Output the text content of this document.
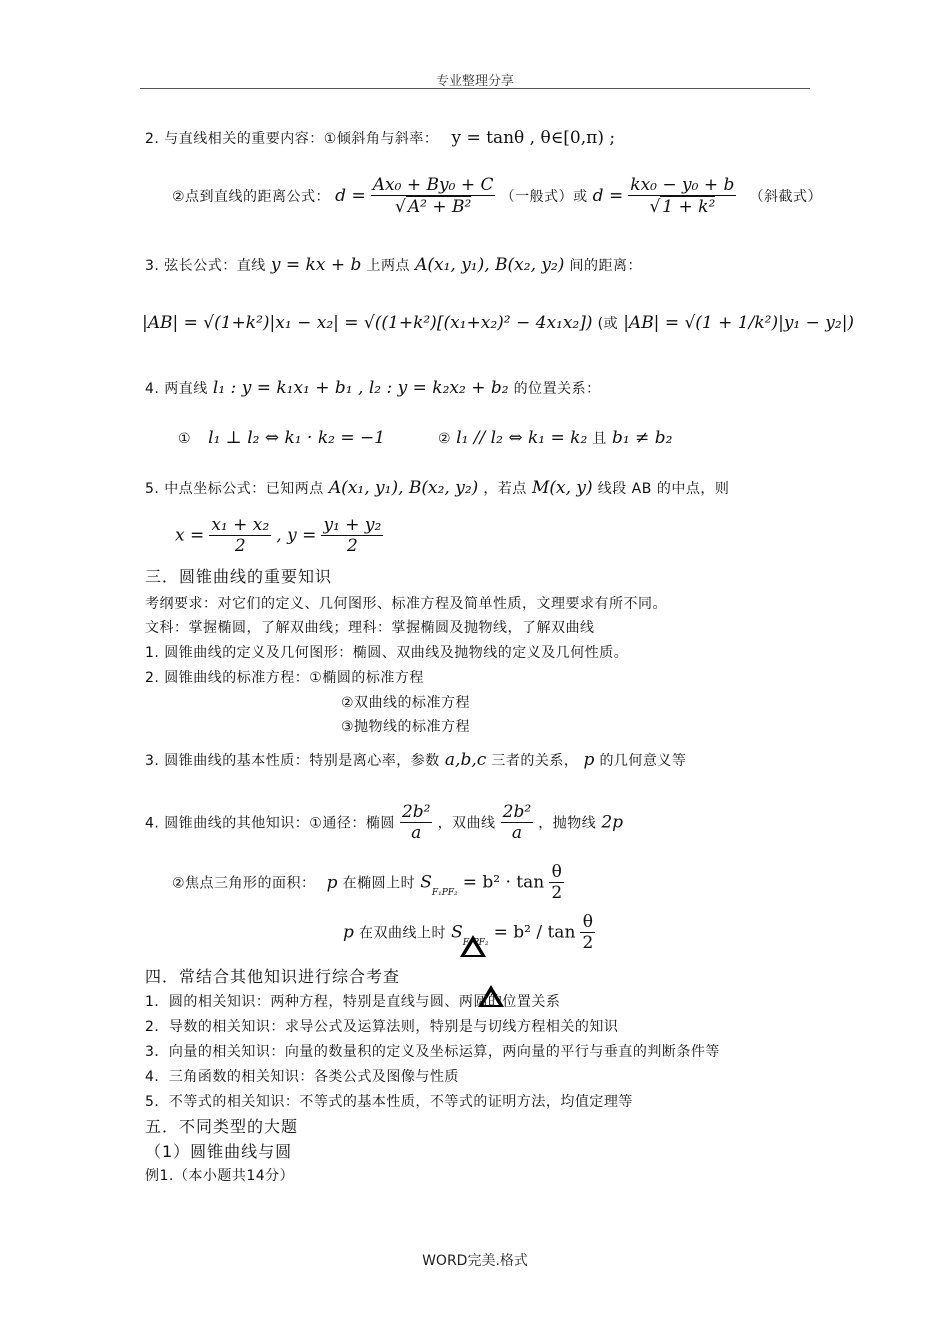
专业整理分享
2. 与直线相关的重要内容：①倾斜角与斜率： y = tanθ , θ∈[0,π) ;
②点到直线的距离公式： $d = \frac{\text{Ax₀ + By₀ + C}}{\text{√ A² + B²}}$ （一般式）或 $d = \frac{\text{kx₀ − y₀ + b}}{\text{√ 1 + k²}}$ （斜截式）
3. 弦长公式：直线 y = kx + b 上两点 A(x₁, y₁), B(x₂, y₂) 间的距离：
|AB| = √(1+k²)|x₁ − x₂| = √((1+k²)[(x₁+x₂)² − 4x₁x₂]) (或 |AB| = √(1 + 1/k²)|y₁ − y₂|)
4. 两直线 l₁ : y = k₁x₁ + b₁ , l₂ : y = k₂x₂ + b₂ 的位置关系：
① l₁ ⊥ l₂ ⇔ k₁ · k₂ = −1	② l₁ // l₂ ⇔ k₁ = k₂ 且 b₁ ≠ b₂
5. 中点坐标公式：已知两点 A(x₁, y₁), B(x₂, y₂) ，若点 M(x, y) 线段 AB 的中点，则
$x = \frac{\text{x₁ + x₂}}{2}$ , $y = \frac{\text{y₁ + y₂}}{2}$
三．圆锥曲线的重要知识
考纲要求：对它们的定义、几何图形、标准方程及简单性质，文理要求有所不同。
文科：掌握椭圆，了解双曲线；理科：掌握椭圆及抛物线，了解双曲线
1. 圆锥曲线的定义及几何图形：椭圆、双曲线及抛物线的定义及几何性质。
2. 圆锥曲线的标准方程：①椭圆的标准方程
②双曲线的标准方程
③抛物线的标准方程
3. 圆锥曲线的基本性质：特别是离心率，参数 a,b,c 三者的关系， p 的几何意义等
4. 圆锥曲线的其他知识：①通径：椭圆 $\frac{\text{2b²}}{a}$ ，双曲线 $\frac{\text{2b²}}{a}$ ，抛物线 2p
②焦点三角形的面积： p 在椭圆上时 $S_{F_1PF_2} = b^2 \cdot \tan \frac{\theta}{2}$
p 在双曲线上时 $S_{F_1PF_2} = b^2 / \tan \frac{\theta}{2}$
四．常结合其他知识进行综合考查
1．圆的相关知识：两种方程，特别是直线与圆、两圆的位置关系
2．导数的相关知识：求导公式及运算法则，特别是与切线方程相关的知识
3．向量的相关知识：向量的数量积的定义及坐标运算，两向量的平行与垂直的判断条件等
4．三角函数的相关知识：各类公式及图像与性质
5．不等式的相关知识：不等式的基本性质，不等式的证明方法，均值定理等
五．不同类型的大题
（1）圆锥曲线与圆
例1.（本小题共14分）
WORD完美.格式
